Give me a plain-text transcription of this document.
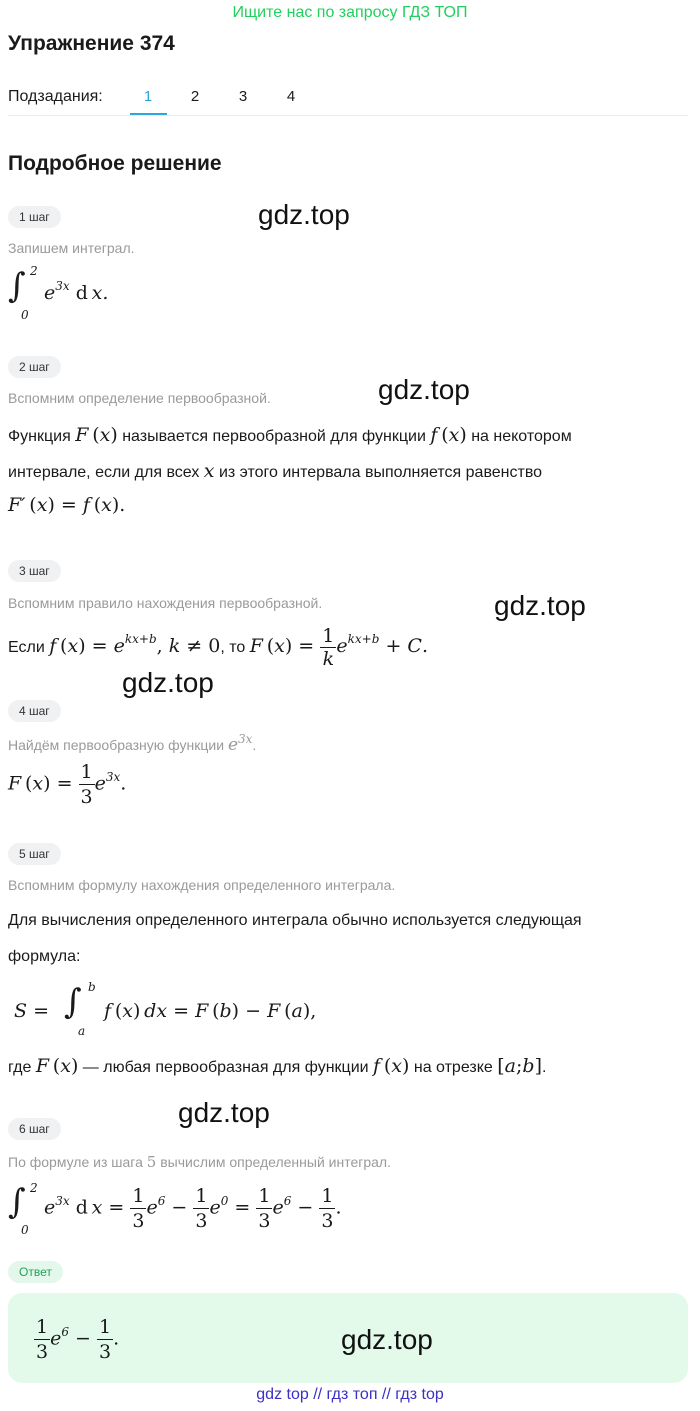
Ищите нас по запросу ГДЗ ТОП
Упражнение 374
Подзадания:	1	2	3	4
Подробное решение
1 шаг	gdz.top
Запишем интеграл.
∫ 2
0
$e^{3x}$ d x.
2 шаг
gdz.top
Вспомним определение первообразной.
Функция F (x) называется первообразной для функции f (x) на некотором
интервале, если для всех x из этого интервала выполняется равенство
F′ (x) = f (x).
3 шаг
gdz.top
Вспомним правило нахождения первообразной.
Если f $(x) = e^{kx+b}$, k ≠ 0, то F $(x) = \frac{1}{k} e^{kx+b} + C$.
gdz.top
4 шаг
Найдём первообразную функции $e^{3x}$.
F $(x) = \frac{1}{3} e^{3x}$.
5 шаг
Вспомним формулу нахождения определенного интеграла.
Для вычисления определенного интеграла обычно используется следующая
формула:
S = ∫ b
a
f (x) dx = F (b) − F (a),
где F (x) — любая первообразная для функции f (x) на отрезке [a;b].
gdz.top
6 шаг
По формуле из шага 5 вычислим определенный интеграл.
∫ 2
0
$e^{3x}$ d $x = \frac{1}{3} e^6 - \frac{1}{3} e^0 = \frac{1}{3} e^6 - \frac{1}{3}$ .
Ответ
$\frac{1}{3} e^6 - \frac{1}{3}$ .	gdz.top
gdz top // гдз топ // гдз top
